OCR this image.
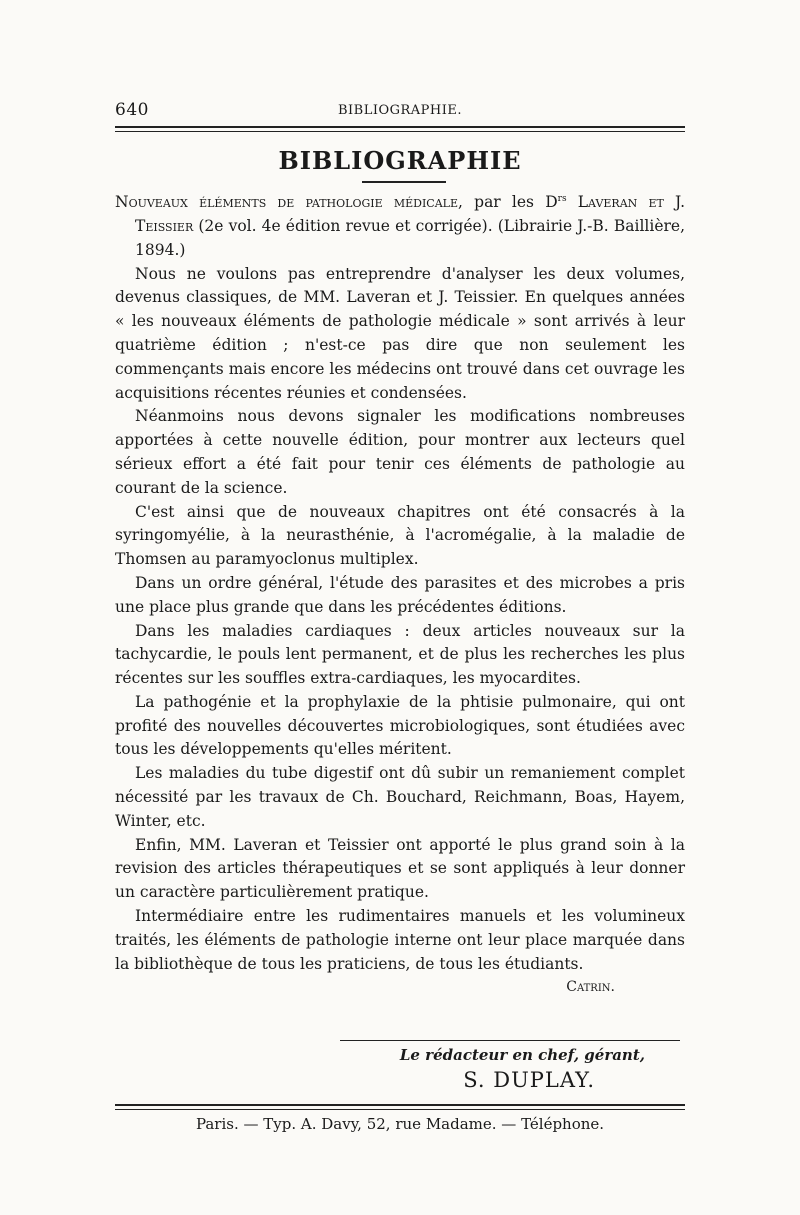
640	BIBLIOGRAPHIE.
BIBLIOGRAPHIE

Nouveaux éléments de pathologie médicale, par les $D^{rs}$ Laveran et J. Teissier (2e vol. 4e édition revue et corrigée). (Librairie J.-B. Baillière, 1894.)

Nous ne voulons pas entreprendre d'analyser les deux volumes, devenus classiques, de MM. Laveran et J. Teissier. En quelques années « les nouveaux éléments de pathologie médicale » sont arrivés à leur quatrième édition ; n'est-ce pas dire que non seulement les commençants mais encore les médecins ont trouvé dans cet ouvrage les acquisitions récentes réunies et condensées.

Néanmoins nous devons signaler les modifications nombreuses apportées à cette nouvelle édition, pour montrer aux lecteurs quel sérieux effort a été fait pour tenir ces éléments de pathologie au courant de la science.

C'est ainsi que de nouveaux chapitres ont été consacrés à la syringomyélie, à la neurasthénie, à l'acromégalie, à la maladie de Thomsen au paramyoclonus multiplex.

Dans un ordre général, l'étude des parasites et des microbes a pris une place plus grande que dans les précédentes éditions.

Dans les maladies cardiaques : deux articles nouveaux sur la tachycardie, le pouls lent permanent, et de plus les recherches les plus récentes sur les souffles extra-cardiaques, les myocardites.

La pathogénie et la prophylaxie de la phtisie pulmonaire, qui ont profité des nouvelles découvertes microbiologiques, sont étudiées avec tous les développements qu'elles méritent.

Les maladies du tube digestif ont dû subir un remaniement complet nécessité par les travaux de Ch. Bouchard, Reichmann, Boas, Hayem, Winter, etc.

Enfin, MM. Laveran et Teissier ont apporté le plus grand soin à la revision des articles thérapeutiques et se sont appliqués à leur donner un caractère particulièrement pratique.

Intermédiaire entre les rudimentaires manuels et les volumineux traités, les éléments de pathologie interne ont leur place marquée dans la bibliothèque de tous les praticiens, de tous les étudiants.

Catrin.

Le rédacteur en chef, gérant,
S. DUPLAY.
Paris. — Typ. A. Davy, 52, rue Madame. — Téléphone.
